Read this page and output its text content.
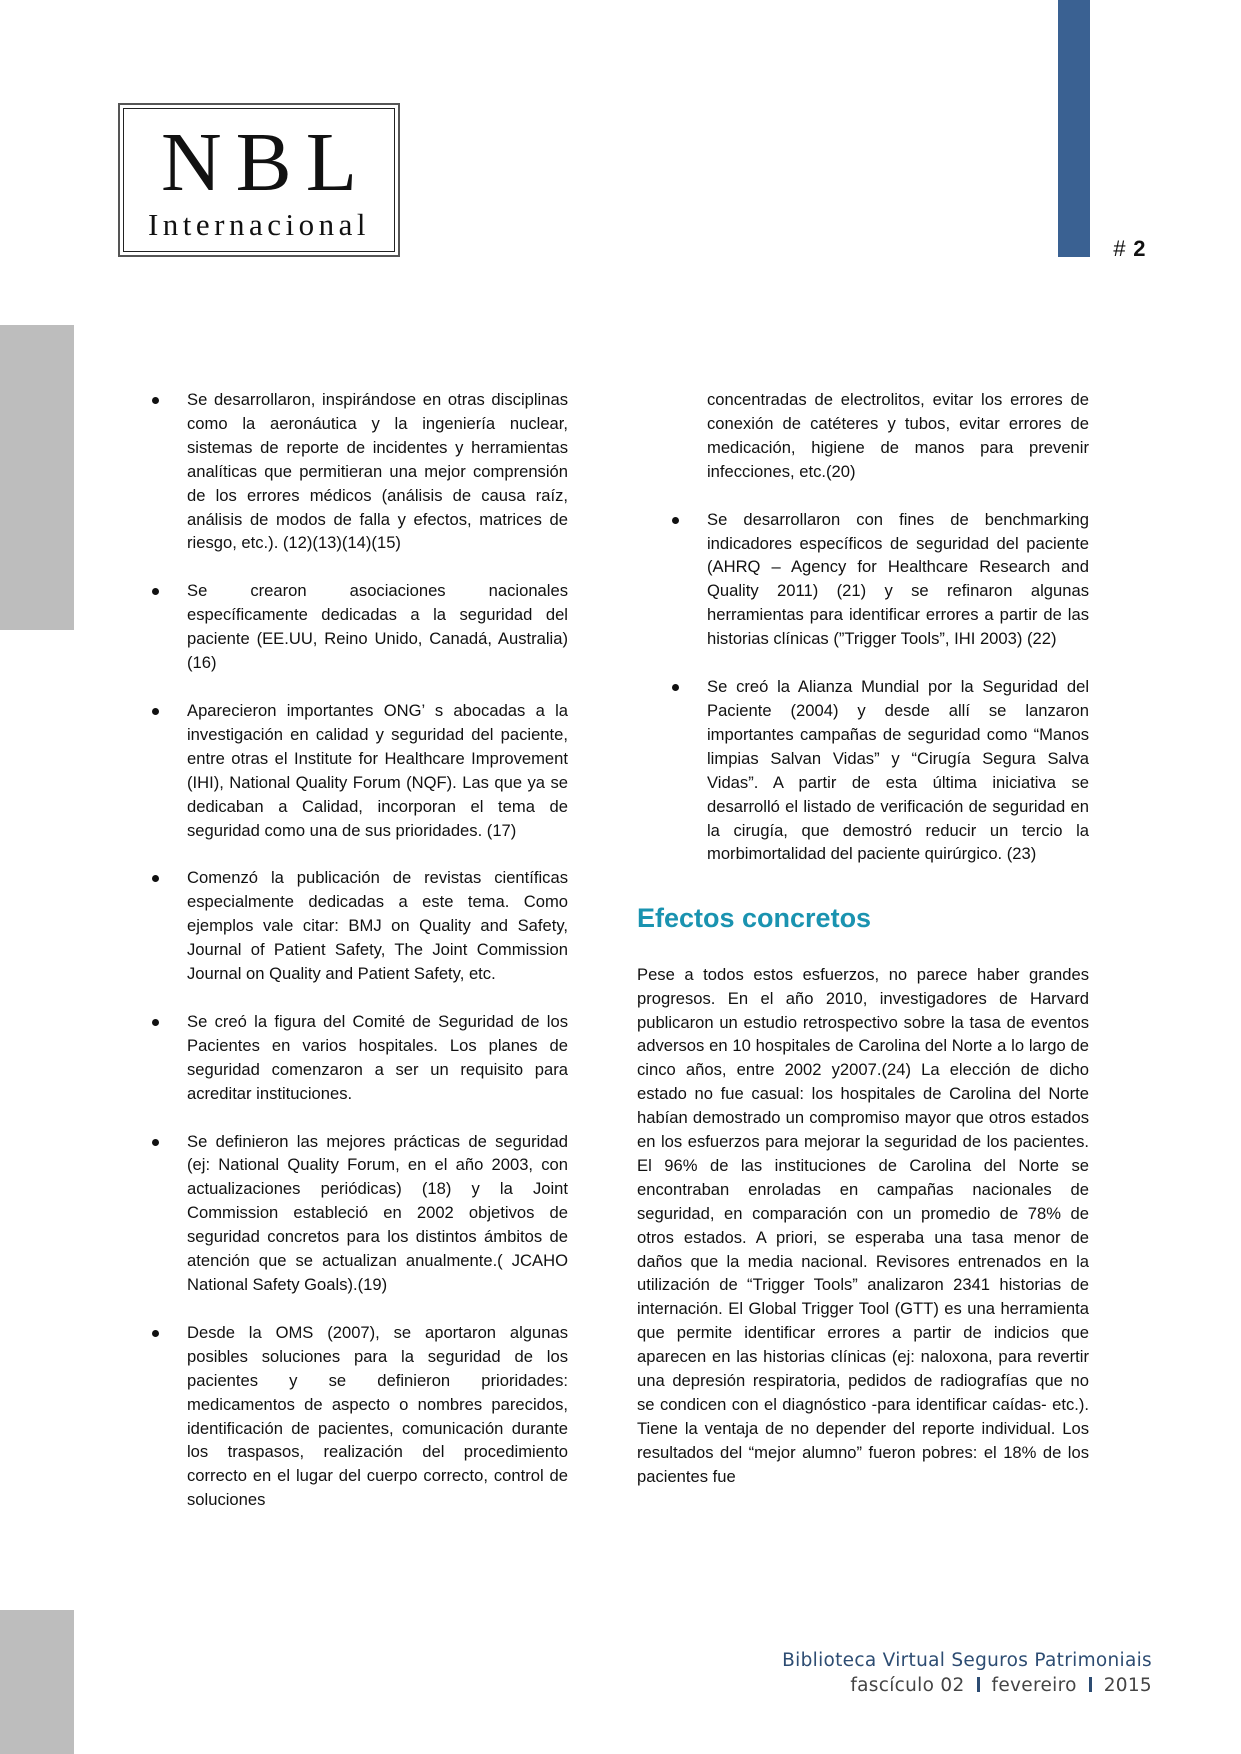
NBL
Internacional
# 2
Se desarrollaron, inspirándose en otras disciplinas como la aeronáutica y la ingeniería nuclear, sistemas de reporte de incidentes y herramientas analíticas que permitieran una mejor comprensión de los errores médicos (análisis de causa raíz, análisis de modos de falla y efectos, matrices de riesgo, etc.). (12)(13)(14)(15)
Se crearon asociaciones nacionales específicamente dedicadas a la seguridad del paciente (EE.UU, Reino Unido, Canadá, Australia) (16)
Aparecieron importantes ONG’ s abocadas a la investigación en calidad y seguridad del paciente, entre otras el Institute for Healthcare Improvement (IHI), National Quality Forum (NQF). Las que ya se dedicaban a Calidad, incorporan el tema de seguridad como una de sus prioridades. (17)
Comenzó la publicación de revistas científicas especialmente dedicadas a este tema. Como ejemplos vale citar: BMJ on Quality and Safety, Journal of Patient Safety, The Joint Commission Journal on Quality and Patient Safety, etc.
Se creó la figura del Comité de Seguridad de los Pacientes en varios hospitales. Los planes de seguridad comenzaron a ser un requisito para acreditar instituciones.
Se definieron las mejores prácticas de seguridad (ej: National Quality Forum, en el año 2003, con actualizaciones periódicas) (18) y la Joint Commission estableció en 2002 objetivos de seguridad concretos para los distintos ámbitos de atención que se actualizan anualmente.( JCAHO National Safety Goals).(19)
Desde la OMS (2007), se aportaron algunas posibles soluciones para la seguridad de los pacientes y se definieron prioridades: medicamentos de aspecto o nombres parecidos, identificación de pacientes, comunicación durante los traspasos, realización del procedimiento correcto en el lugar del cuerpo correcto, control de soluciones
concentradas de electrolitos, evitar los errores de conexión de catéteres y tubos, evitar errores de medicación, higiene de manos para prevenir infecciones, etc.(20)
Se desarrollaron con fines de benchmarking indicadores específicos de seguridad del paciente (AHRQ – Agency for Healthcare Research and Quality 2011) (21) y se refinaron algunas herramientas para identificar errores a partir de las historias clínicas (”Trigger Tools”, IHI 2003) (22)
Se creó la Alianza Mundial por la Seguridad del Paciente (2004) y desde allí se lanzaron importantes campañas de seguridad como “Manos limpias Salvan Vidas” y “Cirugía Segura Salva Vidas”. A partir de esta última iniciativa se desarrolló el listado de verificación de seguridad en la cirugía, que demostró reducir un tercio la morbimortalidad del paciente quirúrgico. (23)
Efectos concretos

Pese a todos estos esfuerzos, no parece haber grandes progresos. En el año 2010, investigadores de Harvard publicaron un estudio retrospectivo sobre la tasa de eventos adversos en 10 hospitales de Carolina del Norte a lo largo de cinco años, entre 2002 y2007.(24) La elección de dicho estado no fue casual: los hospitales de Carolina del Norte habían demostrado un compromiso mayor que otros estados en los esfuerzos para mejorar la seguridad de los pacientes. El 96% de las instituciones de Carolina del Norte se encontraban enroladas en campañas nacionales de seguridad, en comparación con un promedio de 78% de otros estados. A priori, se esperaba una tasa menor de daños que la media nacional. Revisores entrenados en la utilización de “Trigger Tools” analizaron 2341 historias de internación. El Global Trigger Tool (GTT) es una herramienta que permite identificar errores a partir de indicios que aparecen en las historias clínicas (ej: naloxona, para revertir una depresión respiratoria, pedidos de radiografías que no se condicen con el diagnóstico -para identificar caídas- etc.). Tiene la ventaja de no depender del reporte individual. Los resultados del “mejor alumno” fueron pobres: el 18% de los pacientes fue

Biblioteca Virtual Seguros Patrimoniais
fascículo 02 fevereiro 2015
